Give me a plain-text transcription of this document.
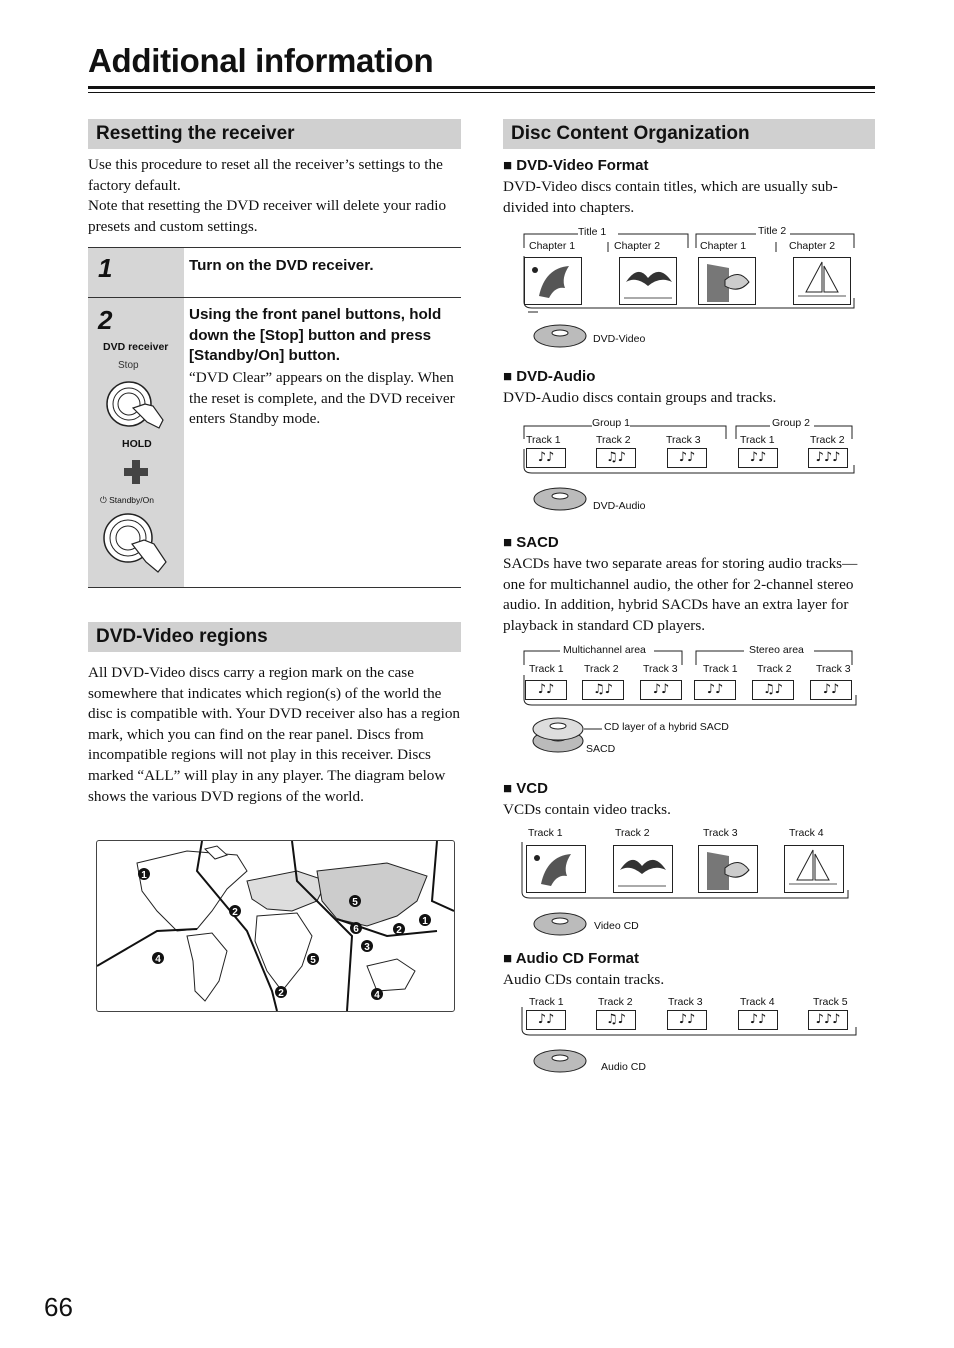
Additional information
Resetting the receiver
Use this procedure to reset all the receiver’s settings to the factory default.
Note that resetting the DVD receiver will delete your radio presets and custom settings.
1	Turn on the DVD receiver.
2
DVD receiver
Stop
HOLD
⏻ Standby/On
Using the front panel buttons, hold down the [Stop] button and press [Standby/On] button.
“DVD Clear” appears on the display. When the reset is complete, and the DVD receiver enters Standby mode.
DVD-Video regions
All DVD-Video discs carry a region mark on the case somewhere that indicates which region(s) of the world the disc is compatible with. Your DVD receiver also has a region mark, which you can find on the rear panel. Discs from incompatible regions will not play in this receiver. Discs marked “ALL” will play in any player. The diagram below shows the various DVD regions of the world.
1
2
5
1
6
3
2
4	5
2	4
Disc Content Organization
■ DVD-Video Format
DVD-Video discs contain titles, which are usually sub-divided into chapters.
Title 1	Title 2
Chapter 1	Chapter 2	Chapter 1	Chapter 2
DVD-Video
■ DVD-Audio
DVD-Audio discs contain groups and tracks.
Group 1	Group 2
Track 1	Track 2	Track 3	Track 1	Track 2
♪♪	♫♪	♪♪	♪♪	♪♪♪
DVD-Audio
■ SACD
SACDs have two separate areas for storing audio tracks—one for multichannel audio, the other for 2-channel stereo audio. In addition, hybrid SACDs have an extra layer for playback in standard CD players.
Multichannel area	Stereo area
Track 1 Track 2 Track 3 Track 1 Track 2 Track 3
♪♪	♫♪	♪♪	♪♪	♫♪	♪♪
CD layer of a hybrid SACD
SACD
■ VCD
VCDs contain video tracks.
Track 1	Track 2	Track 3	Track 4
Video CD
■ Audio CD Format
Audio CDs contain tracks.
Track 1	Track 2	Track 3	Track 4	Track 5
♪♪	♫♪	♪♪	♪♪	♪♪♪
Audio CD
66
